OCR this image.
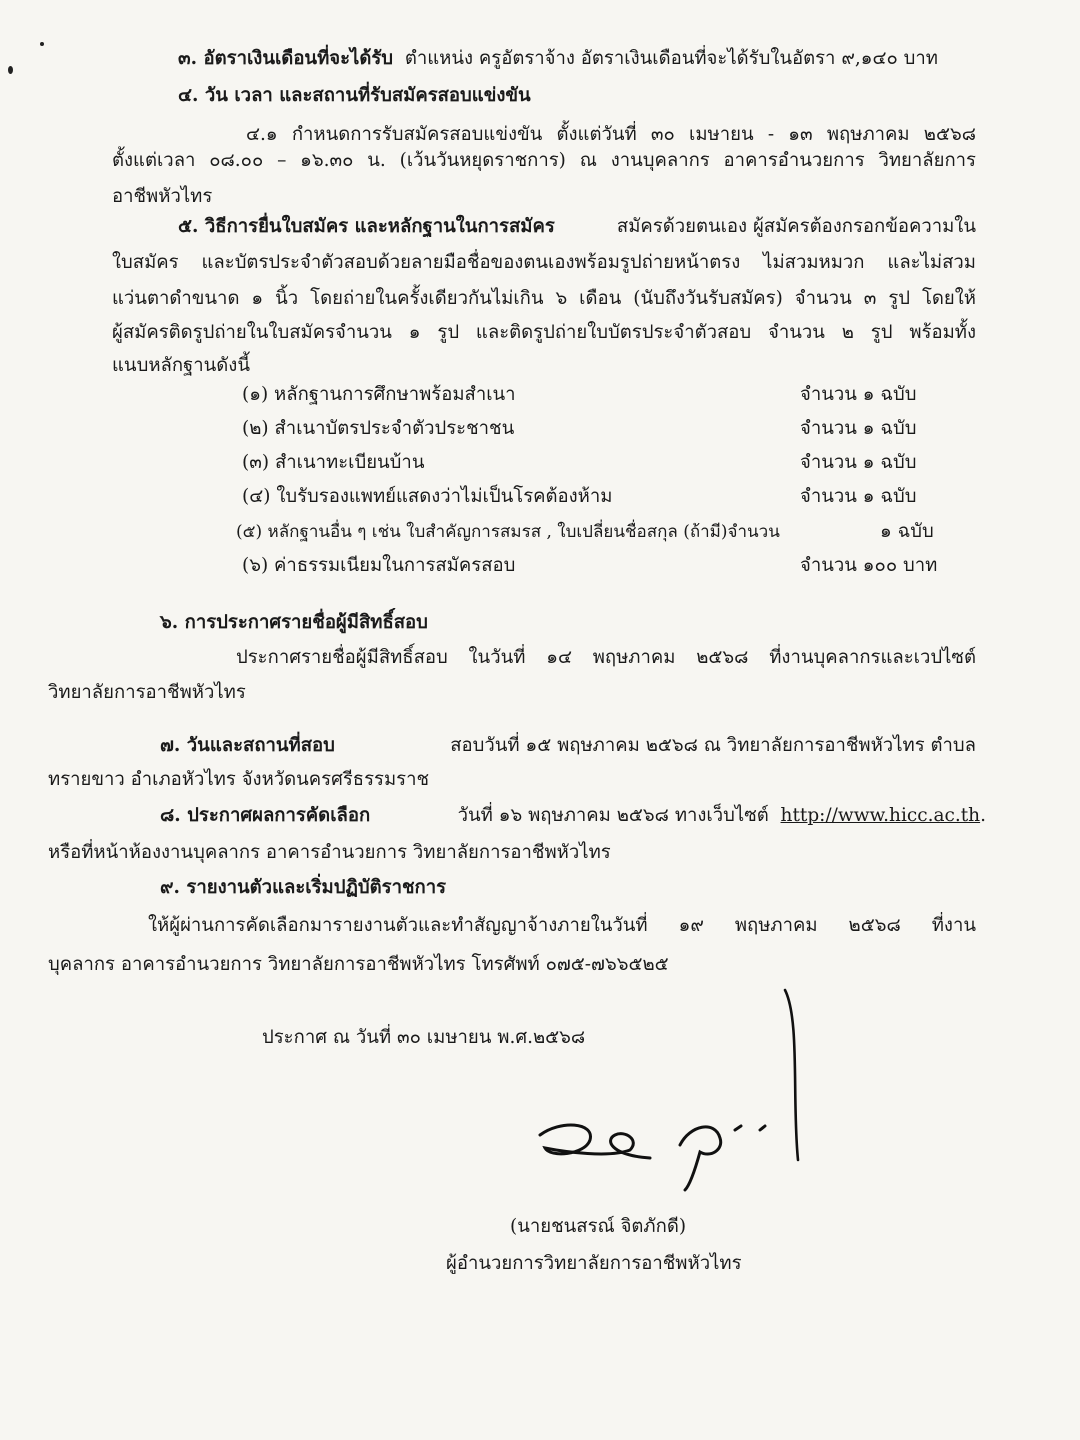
๓. อัตราเงินเดือนที่จะได้รับ ตำแหน่ง ครูอัตราจ้าง อัตราเงินเดือนที่จะได้รับในอัตรา ๙,๑๔๐ บาท
๔. วัน เวลา และสถานที่รับสมัครสอบแข่งขัน
๔.๑ กำหนดการรับสมัครสอบแข่งขัน ตั้งแต่วันที่ ๓๐ เมษายน - ๑๓ พฤษภาคม ๒๕๖๘
ตั้งแต่เวลา ๐๘.๐๐ – ๑๖.๓๐ น. (เว้นวันหยุดราชการ) ณ งานบุคลากร อาคารอำนวยการ วิทยาลัยการ
อาชีพหัวไทร
๕. วิธีการยื่นใบสมัคร และหลักฐานในการสมัคร	สมัครด้วยตนเอง ผู้สมัครต้องกรอกข้อความใน
ใบสมัคร และบัตรประจำตัวสอบด้วยลายมือชื่อของตนเองพร้อมรูปถ่ายหน้าตรง ไม่สวมหมวก และไม่สวม
แว่นตาดำขนาด ๑ นิ้ว โดยถ่ายในครั้งเดียวกันไม่เกิน ๖ เดือน (นับถึงวันรับสมัคร) จำนวน ๓ รูป โดยให้
ผู้สมัครติดรูปถ่ายในใบสมัครจำนวน ๑ รูป และติดรูปถ่ายใบบัตรประจำตัวสอบ จำนวน ๒ รูป พร้อมทั้ง
แนบหลักฐานดังนี้
(๑) หลักฐานการศึกษาพร้อมสำเนา	จำนวน ๑ ฉบับ
(๒) สำเนาบัตรประจำตัวประชาชน	จำนวน ๑ ฉบับ
(๓) สำเนาทะเบียนบ้าน	จำนวน ๑ ฉบับ
(๔) ใบรับรองแพทย์แสดงว่าไม่เป็นโรคต้องห้าม	จำนวน ๑ ฉบับ
(๕) หลักฐานอื่น ๆ เช่น ใบสำคัญการสมรส , ใบเปลี่ยนชื่อสกุล (ถ้ามี)จำนวน	๑ ฉบับ
(๖) ค่าธรรมเนียมในการสมัครสอบ	จำนวน ๑๐๐ บาท
๖. การประกาศรายชื่อผู้มีสิทธิ์สอบ
ประกาศรายชื่อผู้มีสิทธิ์สอบ ในวันที่ ๑๔ พฤษภาคม ๒๕๖๘ ที่งานบุคลากรและเวปไซต์
วิทยาลัยการอาชีพหัวไทร
๗. วันและสถานที่สอบ	สอบวันที่ ๑๕ พฤษภาคม ๒๕๖๘ ณ วิทยาลัยการอาชีพหัวไทร ตำบล
ทรายขาว อำเภอหัวไทร จังหวัดนครศรีธรรมราช
๘. ประกาศผลการคัดเลือก	วันที่ ๑๖ พฤษภาคม ๒๕๖๘ ทางเว็บไซต์ http://www.hicc.ac.th.
หรือที่หน้าห้องงานบุคลากร อาคารอำนวยการ วิทยาลัยการอาชีพหัวไทร
๙. รายงานตัวและเริ่มปฏิบัติราชการ
ให้ผู้ผ่านการคัดเลือกมารายงานตัวและทำสัญญาจ้างภายในวันที่ ๑๙ พฤษภาคม ๒๕๖๘ ที่งาน
บุคลากร อาคารอำนวยการ วิทยาลัยการอาชีพหัวไทร โทรศัพท์ ๐๗๕-๗๖๖๕๒๕
ประกาศ ณ วันที่ ๓๐ เมษายน พ.ศ.๒๕๖๘
(นายชนสรณ์ จิตภักดี)
ผู้อำนวยการวิทยาลัยการอาชีพหัวไทร
